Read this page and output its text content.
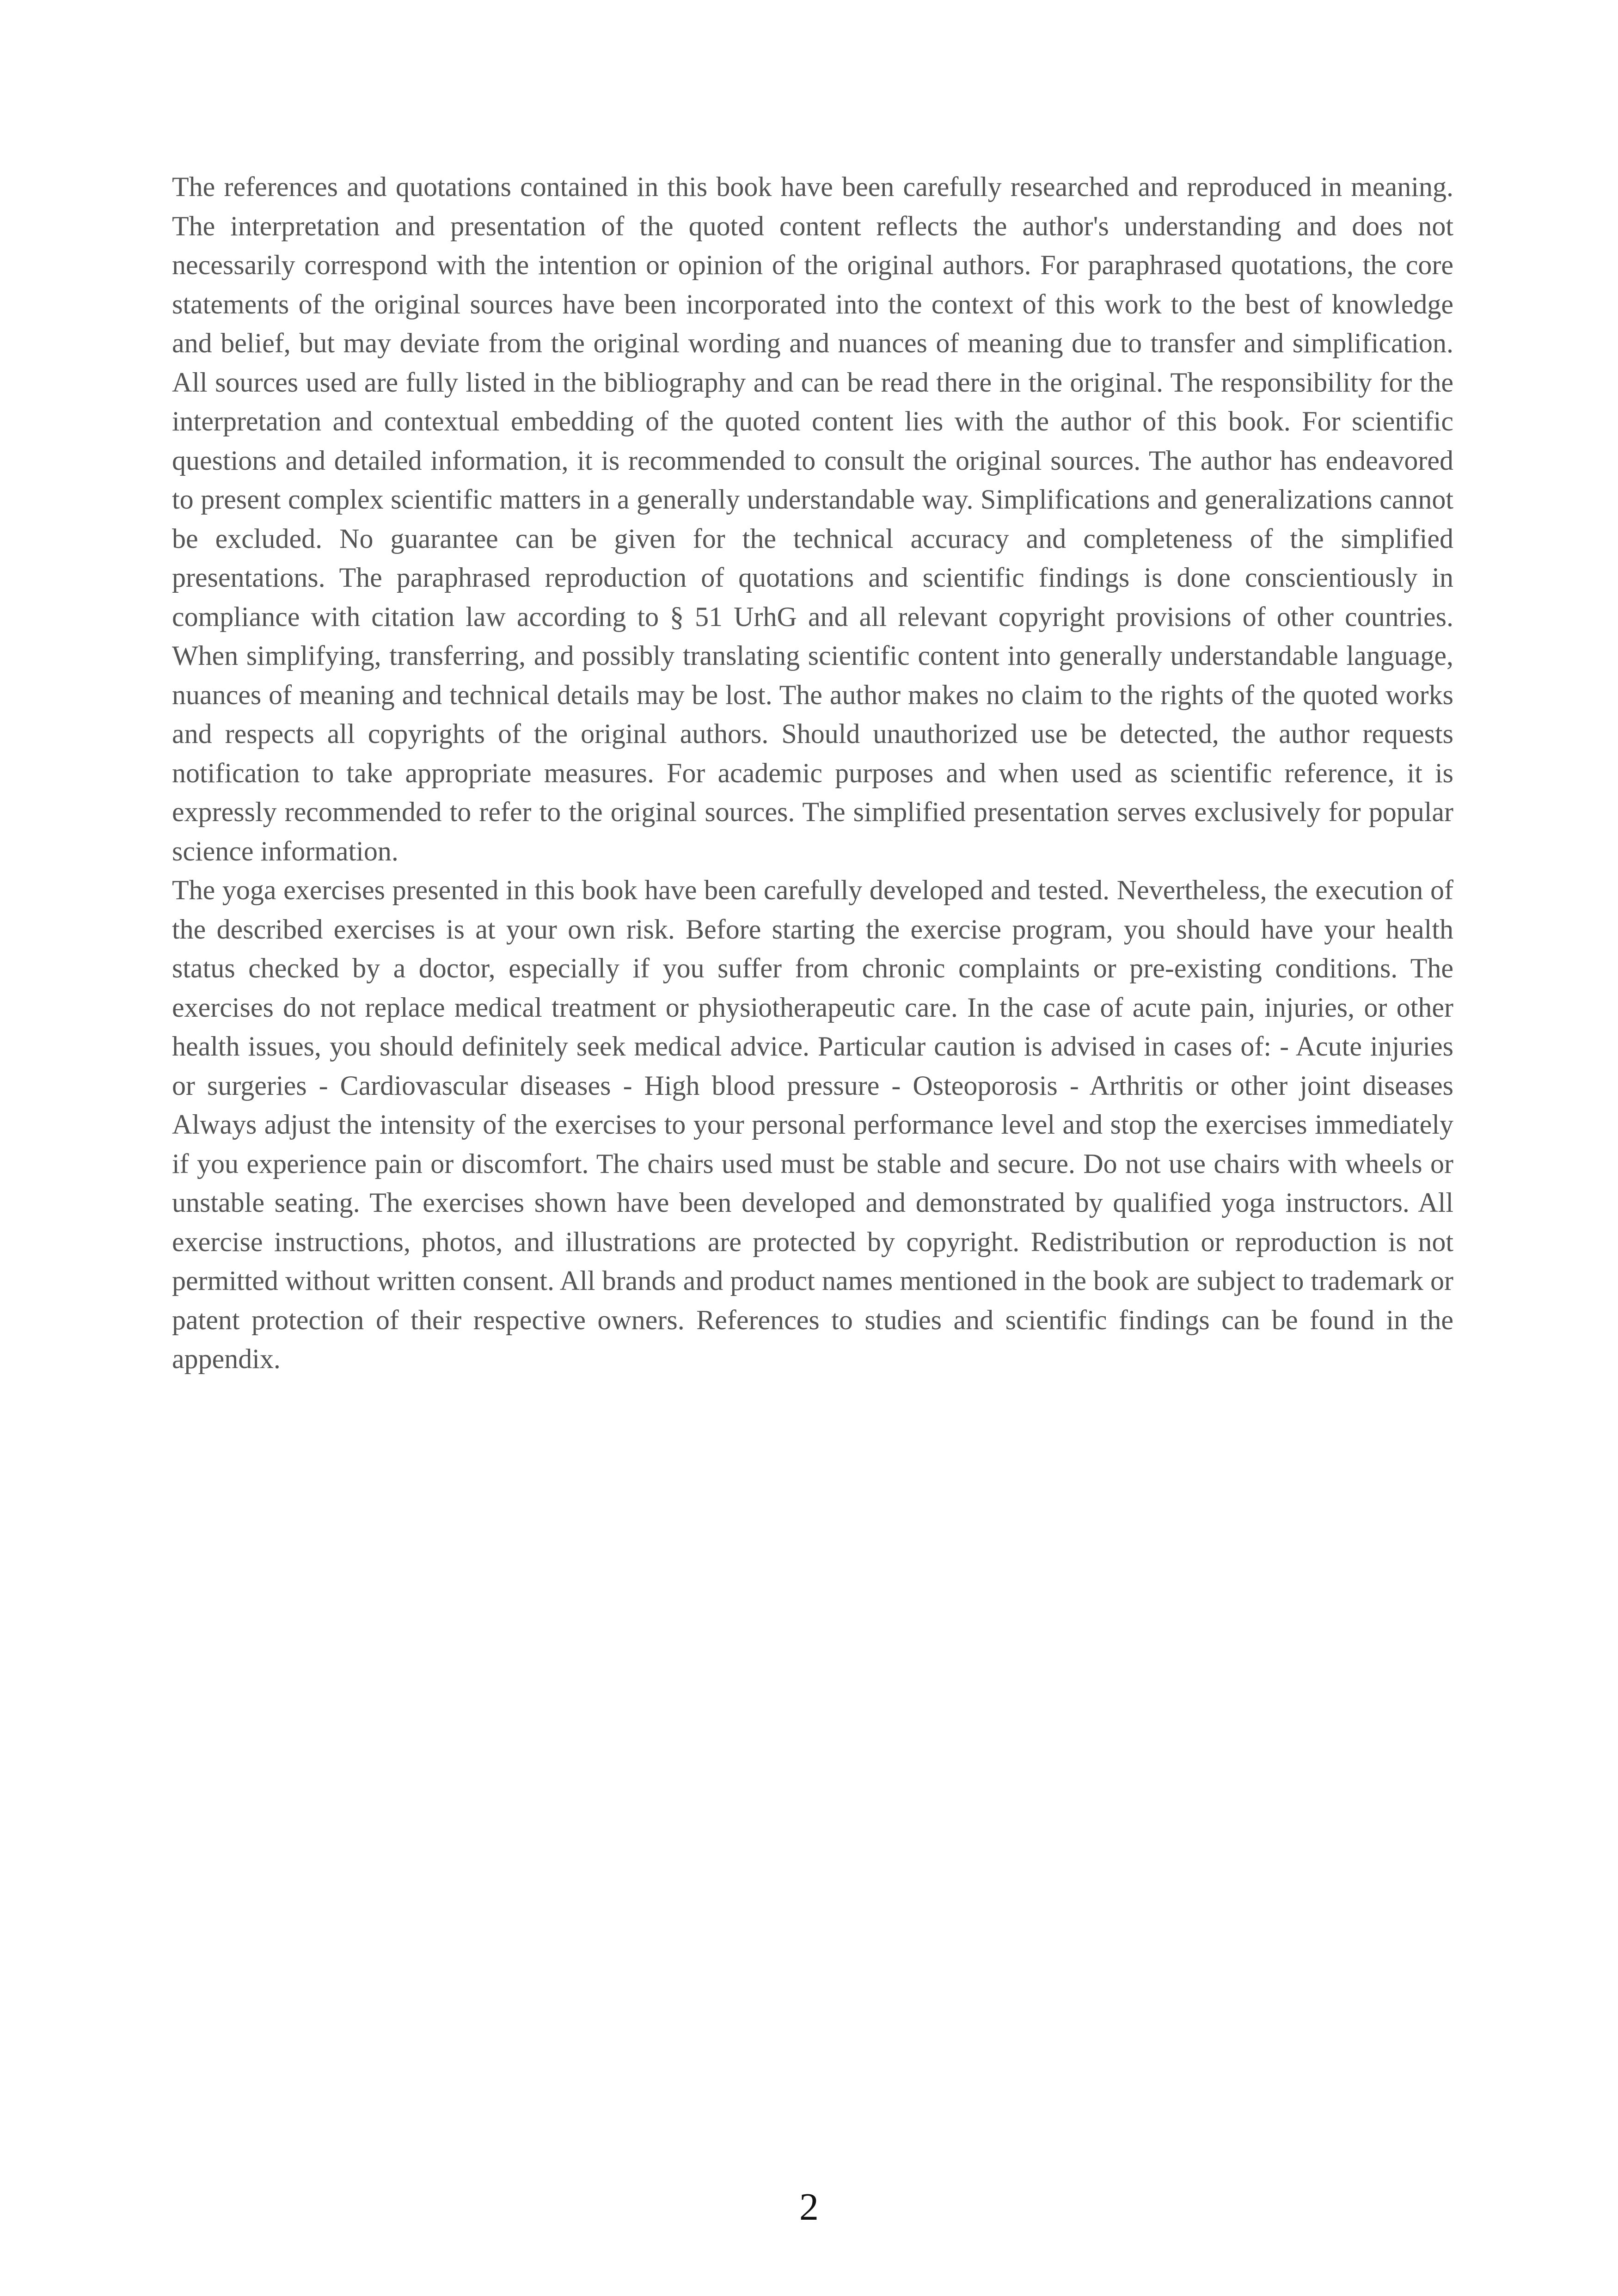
The references and quotations contained in this book have been carefully researched and reproduced in meaning. The interpretation and presentation of the quoted content reflects the author's understanding and does not necessarily correspond with the intention or opinion of the original authors. For paraphrased quotations, the core statements of the original sources have been incorporated into the context of this work to the best of knowledge and belief, but may deviate from the original wording and nuances of meaning due to transfer and simplification. All sources used are fully listed in the bibliography and can be read there in the original. The responsibility for the interpretation and contextual embedding of the quoted content lies with the author of this book. For scientific questions and detailed information, it is recommended to consult the original sources. The author has endeavored to present complex scientific matters in a generally understandable way. Simplifications and generalizations cannot be excluded. No guarantee can be given for the technical accuracy and completeness of the simplified presentations. The paraphrased reproduction of quotations and scientific findings is done conscientiously in compliance with citation law according to § 51 UrhG and all relevant copyright provisions of other countries. When simplifying, transferring, and possibly translating scientific content into generally understandable language, nuances of meaning and technical details may be lost. The author makes no claim to the rights of the quoted works and respects all copyrights of the original authors. Should unauthorized use be detected, the author requests notification to take appropriate measures. For academic purposes and when used as scientific reference, it is expressly recommended to refer to the original sources. The simplified presentation serves exclusively for popular science information.

The yoga exercises presented in this book have been carefully developed and tested. Nevertheless, the execution of the described exercises is at your own risk. Before starting the exercise program, you should have your health status checked by a doctor, especially if you suffer from chronic complaints or pre-existing conditions. The exercises do not replace medical treatment or physiotherapeutic care. In the case of acute pain, injuries, or other health issues, you should definitely seek medical advice. Particular caution is advised in cases of: - Acute injuries or surgeries - Cardiovascular diseases - High blood pressure - Osteoporosis - Arthritis or other joint diseases Always adjust the intensity of the exercises to your personal performance level and stop the exercises immediately if you experience pain or discomfort. The chairs used must be stable and secure. Do not use chairs with wheels or unstable seating. The exercises shown have been developed and demonstrated by qualified yoga instructors. All exercise instructions, photos, and illustrations are protected by copyright. Redistribution or reproduction is not permitted without written consent. All brands and product names mentioned in the book are subject to trademark or patent protection of their respective owners. References to studies and scientific findings can be found in the appendix.

2
